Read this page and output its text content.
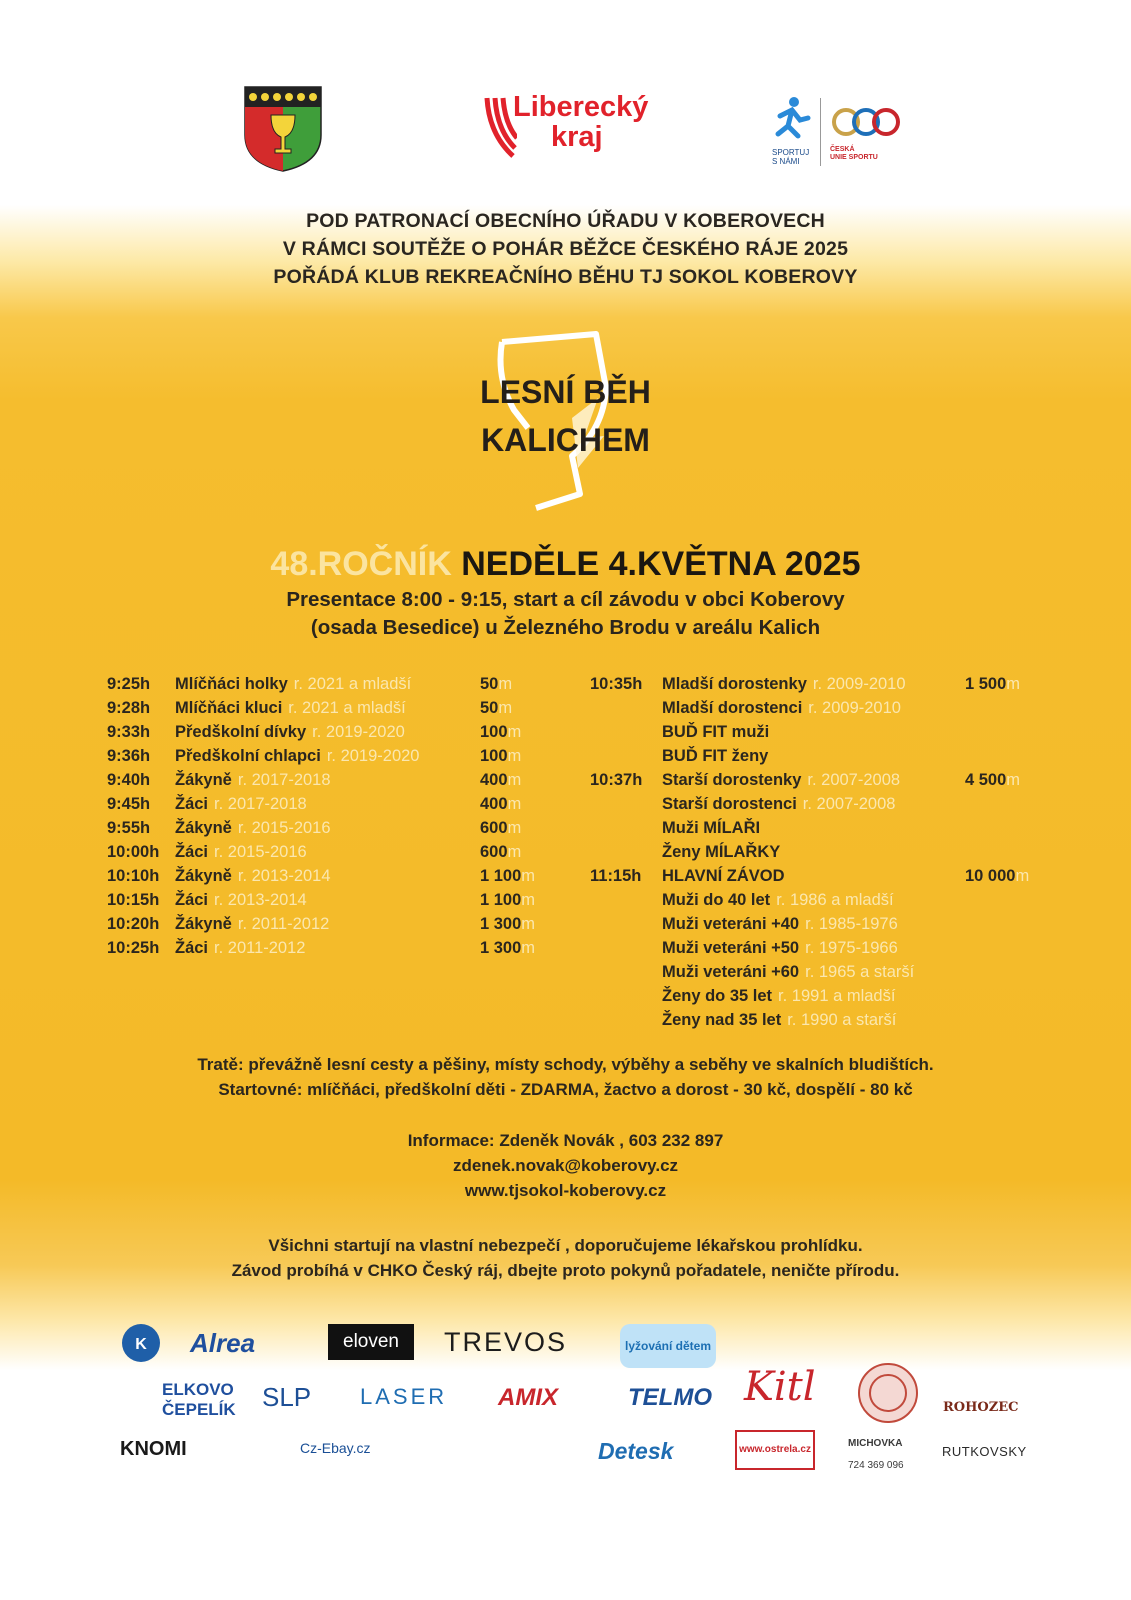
Liberecký
kraj	SPORTUJ
S NÁMI
ČESKÁ
UNIE SPORTU
POD PATRONACÍ OBECNÍHO ÚŘADU V KOBEROVECH
V RÁMCI SOUTĚŽE O POHÁR BĚŽCE ČESKÉHO RÁJE 2025
POŘÁDÁ KLUB REKREAČNÍHO BĚHU TJ SOKOL KOBEROVY
LESNÍ BĚH
KALICHEM
48.ROČNÍK NEDĚLE 4.KVĚTNA 2025
Presentace 8:00 - 9:15, start a cíl závodu v obci Koberovy
(osada Besedice) u Železného Brodu v areálu Kalich
9:25h Mlíčňáci holky r. 2021 a mladší	50m
9:28h Mlíčňáci kluci r. 2021 a mladší	50m
9:33h Předškolní dívky r. 2019-2020	100m
9:36h Předškolní chlapci r. 2019-2020	100m
9:40h Žákyně r. 2017-2018	400m
9:45h Žáci r. 2017-2018	400m
9:55h Žákyně r. 2015-2016	600m
10:00h Žáci r. 2015-2016	600m
10:10h Žákyně r. 2013-2014	1 100m
10:15h Žáci r. 2013-2014	1 100m
10:20h Žákyně r. 2011-2012	1 300m
10:25h Žáci r. 2011-2012	1 300m
10:35h Mladší dorostenky r. 2009-2010	1 500m
Mladší dorostenci r. 2009-2010
BUĎ FIT muži
BUĎ FIT ženy
10:37h Starší dorostenky r. 2007-2008	4 500m
Starší dorostenci r. 2007-2008
Muži MÍLAŘI
Ženy MÍLAŘKY
11:15h HLAVNÍ ZÁVOD	10 000m
Muži do 40 let r. 1986 a mladší
Muži veteráni +40 r. 1985-1976
Muži veteráni +50 r. 1975-1966
Muži veteráni +60 r. 1965 a starší
Ženy do 35 let r. 1991 a mladší
Ženy nad 35 let r. 1990 a starší
Tratě: převážně lesní cesty a pěšiny, místy schody, výběhy a seběhy ve skalních bludištích.
Startovné: mlíčňáci, předškolní děti - ZDARMA, žactvo a dorost - 30 kč, dospělí - 80 kč
Informace: Zdeněk Novák , 603 232 897
zdenek.novak@koberovy.cz
www.tjsokol-koberovy.cz
Všichni startují na vlastní nebezpečí , doporučujeme lékařskou prohlídku.
Závod probíhá v CHKO Český ráj, dbejte proto pokynů pořadatele, neničte přírodu.
K Alrea	eloven	TREVOS	lyžování dětem
ELKOVO
ČEPELÍK SLP LASER AMIX	TELMO Kitl	ROHOZEC
KNOMI	Cz-Ebay.cz	Detesk	www.ostrela.cz
MICHOVKA
724 369 096
RUTKOVSKY
